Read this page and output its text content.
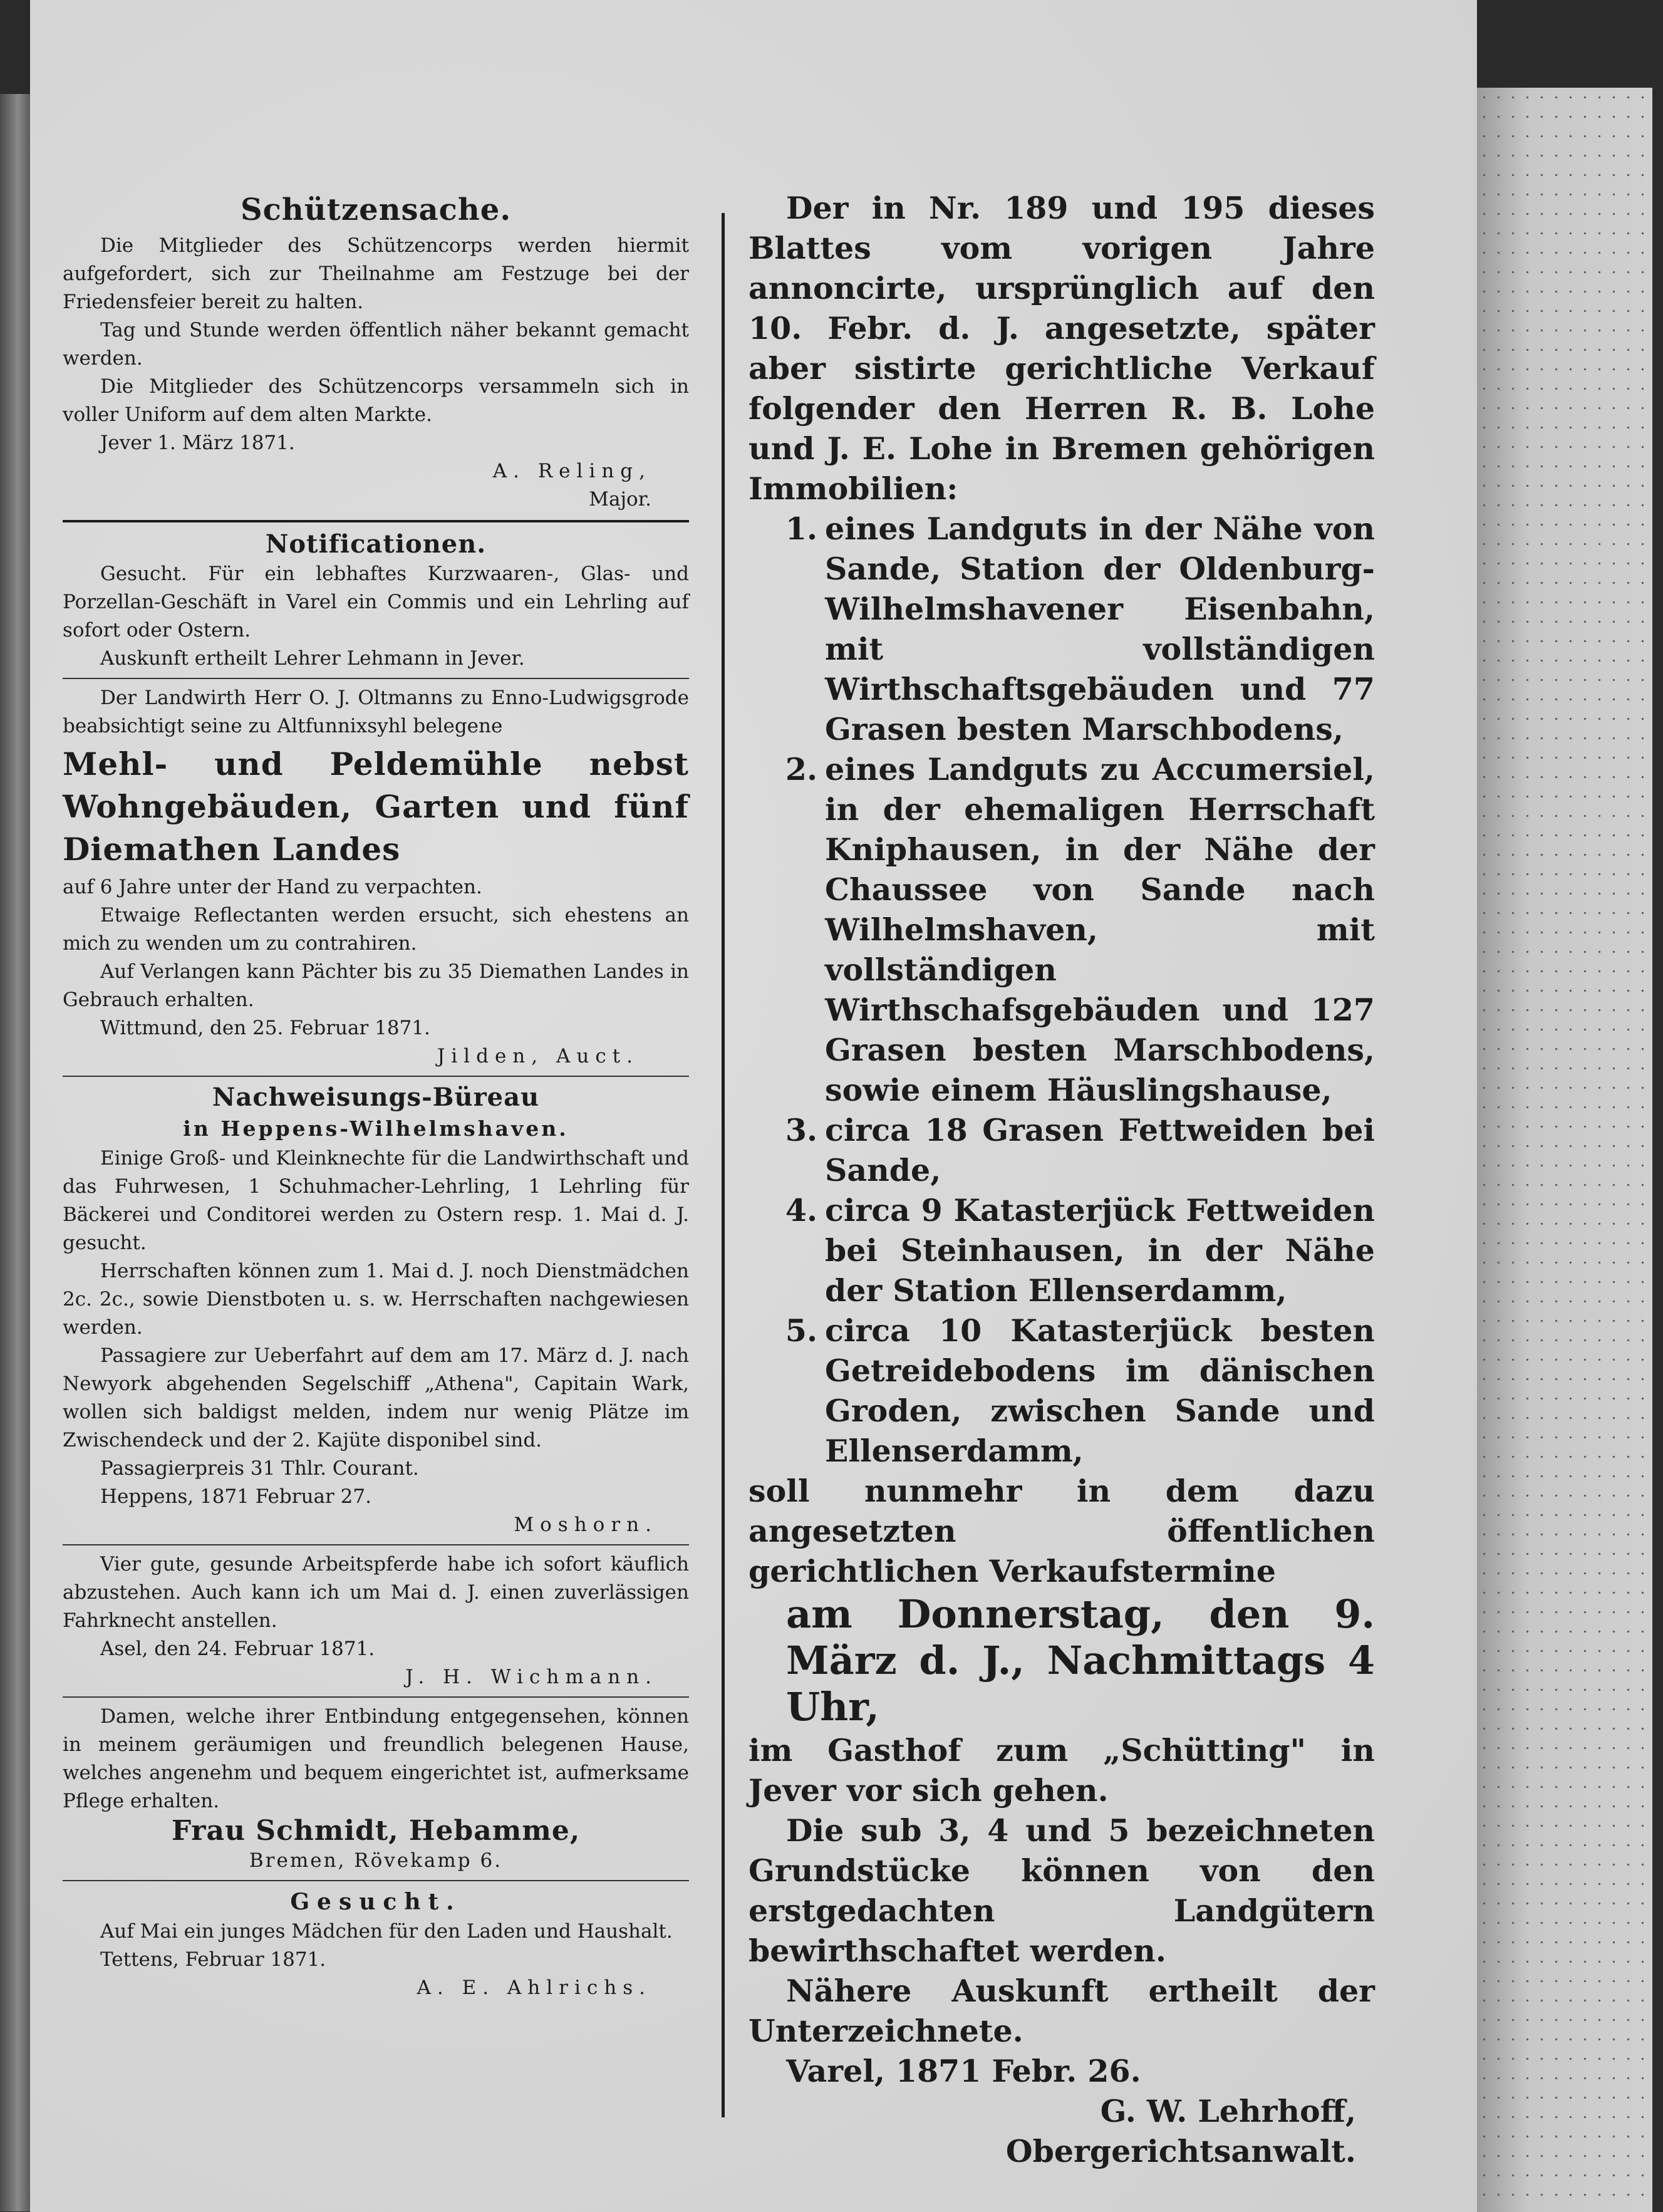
Schützensache.

Die Mitglieder des Schützencorps werden hiermit aufgefordert, sich zur Theilnahme am Festzuge bei der Friedensfeier bereit zu halten.

Tag und Stunde werden öffentlich näher bekannt gemacht werden.

Die Mitglieder des Schützencorps versammeln sich in voller Uniform auf dem alten Markte.

Jever 1. März 1871.

A. Reling,

Major.

Notificationen.

Gesucht. Für ein lebhaftes Kurzwaaren-, Glas- und Porzellan-Geschäft in Varel ein Commis und ein Lehrling auf sofort oder Ostern.

Auskunft ertheilt Lehrer Lehmann in Jever.

Der Landwirth Herr O. J. Oltmanns zu Enno-Ludwigsgrode beabsichtigt seine zu Altfunnixsyhl belegene

Mehl- und Peldemühle nebst Wohngebäuden, Garten und fünf Diemathen Landes

auf 6 Jahre unter der Hand zu verpachten.

Etwaige Reflectanten werden ersucht, sich ehestens an mich zu wenden um zu contrahiren.

Auf Verlangen kann Pächter bis zu 35 Diemathen Landes in Gebrauch erhalten.

Wittmund, den 25. Februar 1871.

Jilden, Auct.

Nachweisungs-Büreau

in Heppens-Wilhelmshaven.

Einige Groß- und Kleinknechte für die Landwirthschaft und das Fuhrwesen, 1 Schuhmacher-Lehrling, 1 Lehrling für Bäckerei und Conditorei werden zu Ostern resp. 1. Mai d. J. gesucht.

Herrschaften können zum 1. Mai d. J. noch Dienstmädchen 2c. 2c., sowie Dienstboten u. s. w. Herrschaften nachgewiesen werden.

Passagiere zur Ueberfahrt auf dem am 17. März d. J. nach Newyork abgehenden Segelschiff „Athena", Capitain Wark, wollen sich baldigst melden, indem nur wenig Plätze im Zwischendeck und der 2. Kajüte disponibel sind.

Passagierpreis 31 Thlr. Courant.

Heppens, 1871 Februar 27.

Moshorn.

Vier gute, gesunde Arbeitspferde habe ich sofort käuflich abzustehen. Auch kann ich um Mai d. J. einen zuverlässigen Fahrknecht anstellen.

Asel, den 24. Februar 1871.

J. H. Wichmann.

Damen, welche ihrer Entbindung entgegensehen, können in meinem geräumigen und freundlich belegenen Hause, welches angenehm und bequem eingerichtet ist, aufmerksame Pflege erhalten.

Frau Schmidt, Hebamme,

Bremen, Rövekamp 6.

Gesucht.

Auf Mai ein junges Mädchen für den Laden und Haushalt.

Tettens, Februar 1871.

A. E. Ahlrichs.

Der in Nr. 189 und 195 dieses Blattes vom vorigen Jahre annoncirte, ursprünglich auf den 10. Febr. d. J. angesetzte, später aber sistirte gerichtliche Verkauf folgender den Herren R. B. Lohe und J. E. Lohe in Bremen gehörigen Immobilien:

1. eines Landguts in der Nähe von Sande, Station der Oldenburg-Wilhelmshavener Eisenbahn, mit vollständigen Wirthschaftsgebäuden und 77 Grasen besten Marschbodens,
2. eines Landguts zu Accumersiel, in der ehemaligen Herrschaft Kniphausen, in der Nähe der Chaussee von Sande nach Wilhelmshaven, mit vollständigen Wirthschafsgebäuden und 127 Grasen besten Marschbodens, sowie einem Häuslingshause,
3. circa 18 Grasen Fettweiden bei Sande,
4. circa 9 Katasterjück Fettweiden bei Steinhausen, in der Nähe der Station Ellenserdamm,
5. circa 10 Katasterjück besten Getreidebodens im dänischen Groden, zwischen Sande und Ellenserdamm,

soll nunmehr in dem dazu angesetzten öffentlichen gerichtlichen Verkaufstermine

am Donnerstag, den 9. März d. J., Nachmittags 4 Uhr,

im Gasthof zum „Schütting" in Jever vor sich gehen.

Die sub 3, 4 und 5 bezeichneten Grundstücke können von den erstgedachten Landgütern bewirthschaftet werden.

Nähere Auskunft ertheilt der Unterzeichnete.

Varel, 1871 Febr. 26.

G. W. Lehrhoff,

Obergerichtsanwalt.
